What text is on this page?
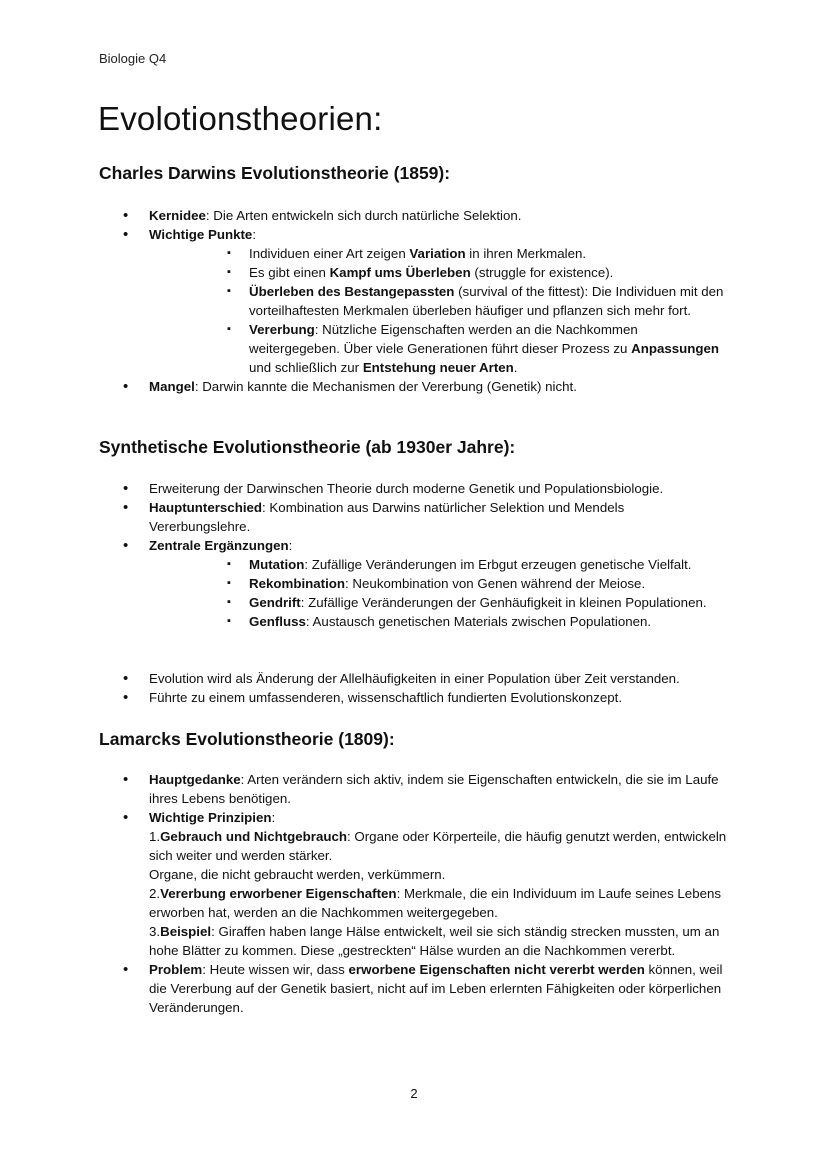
Biologie Q4
Evolotionstheorien:
Charles Darwins Evolutionstheorie (1859):
• Kernidee: Die Arten entwickeln sich durch natürliche Selektion.
• Wichtige Punkte:
▪ Individuen einer Art zeigen Variation in ihren Merkmalen.
▪ Es gibt einen Kampf ums Überleben (struggle for existence).
▪ Überleben des Bestangepassten (survival of the fittest): Die Individuen mit den vorteilhaftesten Merkmalen überleben häufiger und pflanzen sich mehr fort.
▪ Vererbung: Nützliche Eigenschaften werden an die Nachkommen weitergegeben. Über viele Generationen führt dieser Prozess zu Anpassungen und schließlich zur Entstehung neuer Arten.
• Mangel: Darwin kannte die Mechanismen der Vererbung (Genetik) nicht.
Synthetische Evolutionstheorie (ab 1930er Jahre):
• Erweiterung der Darwinschen Theorie durch moderne Genetik und Populationsbiologie.
• Hauptunterschied: Kombination aus Darwins natürlicher Selektion und Mendels Vererbungslehre.
• Zentrale Ergänzungen:
▪ Mutation: Zufällige Veränderungen im Erbgut erzeugen genetische Vielfalt.
▪ Rekombination: Neukombination von Genen während der Meiose.
▪ Gendrift: Zufällige Veränderungen der Genhäufigkeit in kleinen Populationen.
▪ Genfluss: Austausch genetischen Materials zwischen Populationen.
• Evolution wird als Änderung der Allelhäufigkeiten in einer Population über Zeit verstanden.
• Führte zu einem umfassenderen, wissenschaftlich fundierten Evolutionskonzept.
Lamarcks Evolutionstheorie (1809):
• Hauptgedanke: Arten verändern sich aktiv, indem sie Eigenschaften entwickeln, die sie im Laufe ihres Lebens benötigen.
• Wichtige Prinzipien:
1.Gebrauch und Nichtgebrauch: Organe oder Körperteile, die häufig genutzt werden, entwickeln sich weiter und werden stärker.
Organe, die nicht gebraucht werden, verkümmern.
2.Vererbung erworbener Eigenschaften: Merkmale, die ein Individuum im Laufe seines Lebens erworben hat, werden an die Nachkommen weitergegeben.
3.Beispiel: Giraffen haben lange Hälse entwickelt, weil sie sich ständig strecken mussten, um an hohe Blätter zu kommen. Diese „gestreckten“ Hälse wurden an die Nachkommen vererbt.
• Problem: Heute wissen wir, dass erworbene Eigenschaften nicht vererbt werden können, weil die Vererbung auf der Genetik basiert, nicht auf im Leben erlernten Fähigkeiten oder körperlichen Veränderungen.
2
